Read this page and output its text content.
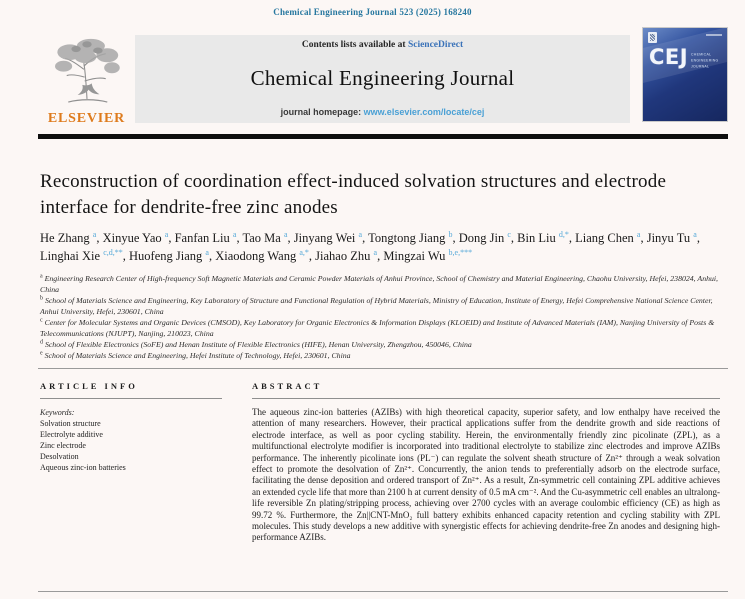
Chemical Engineering Journal 523 (2025) 168240
ELSEVIER
Contents lists available at ScienceDirect
Chemical Engineering Journal
journal homepage: www.elsevier.com/locate/cej
CEJ CHEMICAL
ENGINEERING
JOURNAL
Reconstruction of coordination effect-induced solvation structures and electrode interface for dendrite-free zinc anodes
He Zhang $^a$, Xinyue Yao $^a$, Fanfan Liu $^a$, Tao Ma $^a$, Jinyang Wei $^a$, Tongtong Jiang $^b$, Dong Jin $^c$, Bin Liu $^{d,*}$, Liang Chen $^a$, Jinyu Tu $^a$, Linghai Xie $^{c,d,**}$, Huofeng Jiang $^a$, Xiaodong Wang $^{a,*}$, Jiahao Zhu $^a$, Mingzai Wu $^{b,e,***}$
$^a$ Engineering Research Center of High-frequency Soft Magnetic Materials and Ceramic Powder Materials of Anhui Province, School of Chemistry and Material Engineering, Chaohu University, Hefei, 238024, Anhui, China
$^b$ School of Materials Science and Engineering, Key Laboratory of Structure and Functional Regulation of Hybrid Materials, Ministry of Education, Institute of Energy, Hefei Comprehensive National Science Center, Anhui University, Hefei, 230601, China
$^c$ Center for Molecular Systems and Organic Devices (CMSOD), Key Laboratory for Organic Electronics & Information Displays (KLOEID) and Institute of Advanced Materials (IAM), Nanjing University of Posts & Telecommunications (NJUPT), Nanjing, 210023, China
$^d$ School of Flexible Electronics (SoFE) and Henan Institute of Flexible Electronics (HIFE), Henan University, Zhengzhou, 450046, China
$^e$ School of Materials Science and Engineering, Hefei Institute of Technology, Hefei, 230601, China
ARTICLE INFO
Keywords:
Solvation structure
Electrolyte additive
Zinc electrode
Desolvation
Aqueous zinc-ion batteries
ABSTRACT

The aqueous zinc-ion batteries (AZIBs) with high theoretical capacity, superior safety, and low enthalpy have received the attention of many researchers. However, their practical applications suffer from the dendrite growth and side reactions of electrode interface, as well as poor cycling stability. Herein, the environmentally friendly zinc picolinate (ZPL), as a multifunctional electrolyte modifier is incorporated into traditional electrolyte to stabilize zinc electrodes and improve AZIBs performance. The inherently picolinate ions (PL⁻) can regulate the solvent sheath structure of Zn²⁺ through a weak solvation effect to promote the desolvation of Zn²⁺. Concurrently, the anion tends to preferentially adsorb on the electrode surface, facilitating the dense deposition and ordered transport of Zn²⁺. As a result, Zn-symmetric cell containing ZPL additive achieves an extended cycle life that more than 2100 h at current density of 0.5 mA cm⁻². And the Cu-asymmetric cell enables an ultralong-life reversible Zn plating/stripping process, achieving over 2700 cycles with an average coulombic efficiency (CE) as high as 99.72 %. Furthermore, the Zn||CNT-MnO₂ full battery exhibits enhanced capacity retention and cycling stability with ZPL molecules. This study develops a new additive with synergistic effects for achieving dendrite-free Zn anodes and designing high-performance AZIBs.
